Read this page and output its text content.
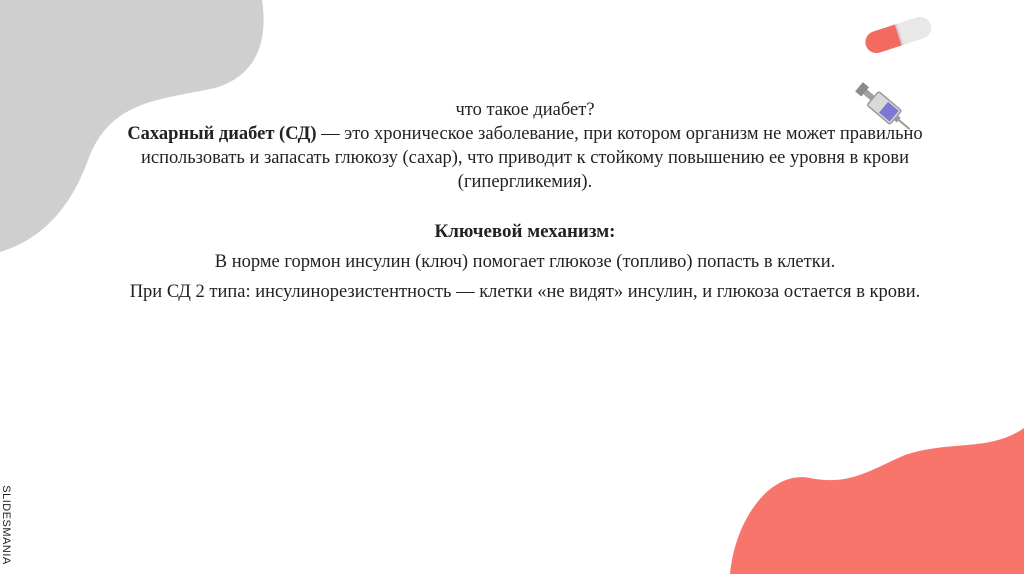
SLIDESMANIA

что такое диабет?

Сахарный диабет (СД) — это хроническое заболевание, при котором организм не может правильно использовать и запасать глюкозу (сахар), что приводит к стойкому повышению ее уровня в крови (гипергликемия).

Ключевой механизм:

В норме гормон инсулин (ключ) помогает глюкозе (топливо) попасть в клетки.

При СД 2 типа: инсулинорезистентность — клетки «не видят» инсулин, и глюкоза остается в крови.
